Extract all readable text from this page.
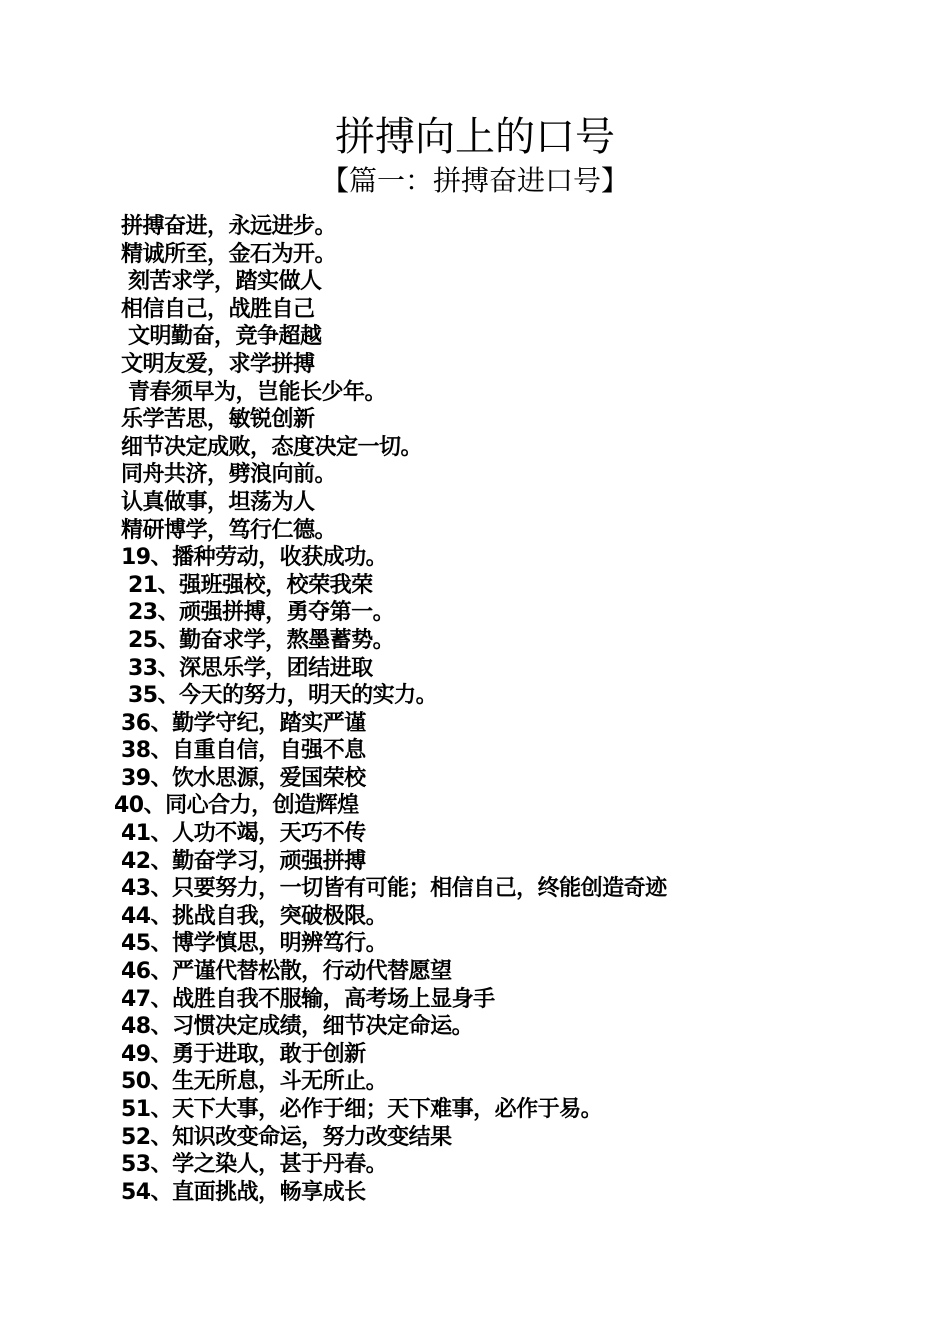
拼搏向上的口号
【篇一：拼搏奋进口号】
拼搏奋进，永远进步。
精诚所至，金石为开。
刻苦求学，踏实做人
相信自己，战胜自己
文明勤奋，竞争超越
文明友爱，求学拼搏
青春须早为，岂能长少年。
乐学苦思，敏锐创新
细节决定成败，态度决定一切。
同舟共济，劈浪向前。
认真做事，坦荡为人
精研博学，笃行仁德。
19、播种劳动，收获成功。
21、强班强校，校荣我荣
23、顽强拼搏，勇夺第一。
25、勤奋求学，熬墨蓄势。
33、深思乐学，团结进取
35、今天的努力，明天的实力。
36、勤学守纪，踏实严谨
38、自重自信，自强不息
39、饮水思源，爱国荣校
40、同心合力，创造辉煌
41、人功不竭，天巧不传
42、勤奋学习，顽强拼搏
43、只要努力，一切皆有可能；相信自己，终能创造奇迹
44、挑战自我，突破极限。
45、博学慎思，明辨笃行。
46、严谨代替松散，行动代替愿望
47、战胜自我不服输，高考场上显身手
48、习惯决定成绩，细节决定命运。
49、勇于进取，敢于创新
50、生无所息，斗无所止。
51、天下大事，必作于细；天下难事，必作于易。
52、知识改变命运，努力改变结果
53、学之染人，甚于丹春。
54、直面挑战，畅享成长
